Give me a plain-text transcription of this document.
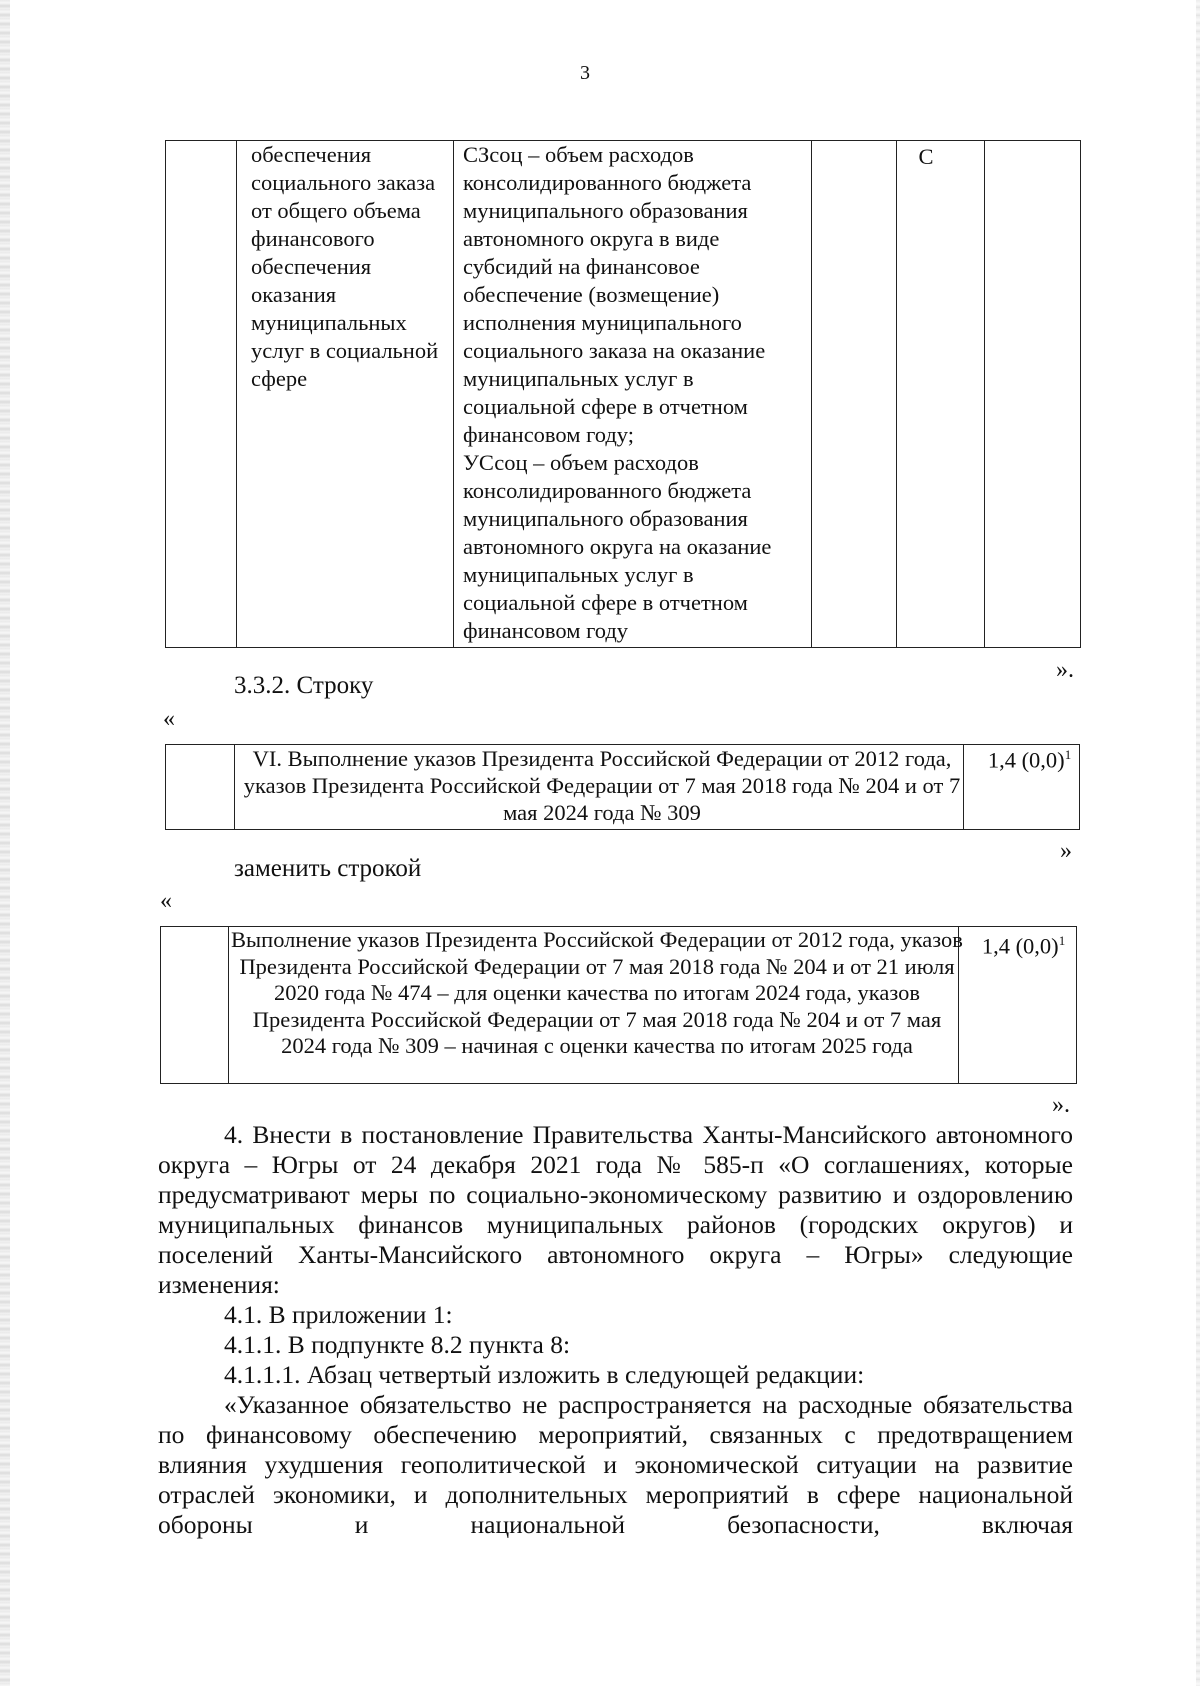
3
обеспечения социального заказа от общего объема финансового обеспечения оказания муниципальных услуг в социальной сфере
СЗсоц – объем расходов консолидированного бюджета муниципального образования автономного округа в виде субсидий на финансовое обеспечение (возмещение) исполнения муниципального социального заказа на оказание муниципальных услуг в социальной сфере в отчетном финансовом году;
УСсоц – объем расходов консолидированного бюджета муниципального образования автономного округа на оказание муниципальных услуг в социальной сфере в отчетном финансовом году
С
».
3.3.2. Строку
«
VI. Выполнение указов Президента Российской Федерации от 2012 года, указов Президента Российской Федерации от 7 мая 2018 года № 204 и от 7 мая 2024 года № 309
1,4 $(0,0)^1$
»
заменить строкой
«
Выполнение указов Президента Российской Федерации от 2012 года, указов Президента Российской Федерации от 7 мая 2018 года № 204 и от 21 июля 2020 года № 474 – для оценки качества по итогам 2024 года, указов Президента Российской Федерации от 7 мая 2018 года № 204 и от 7 мая 2024 года № 309 – начиная с оценки качества по итогам 2025 года
1,4 $(0,0)^1$
».

4. Внести в постановление Правительства Ханты-Мансийского автономного округа – Югры от 24 декабря 2021 года № 585-п «О соглашениях, которые предусматривают меры по социально-экономическому развитию и оздоровлению муниципальных финансов муниципальных районов (городских округов) и поселений Ханты-Мансийского автономного округа – Югры» следующие изменения:

4.1. В приложении 1:

4.1.1. В подпункте 8.2 пункта 8:

4.1.1.1. Абзац четвертый изложить в следующей редакции:

«Указанное обязательство не распространяется на расходные обязательства по финансовому обеспечению мероприятий, связанных с предотвращением влияния ухудшения геополитической и экономической ситуации на развитие отраслей экономики, и дополнительных мероприятий в сфере национальной обороны и национальной безопасности, включая
